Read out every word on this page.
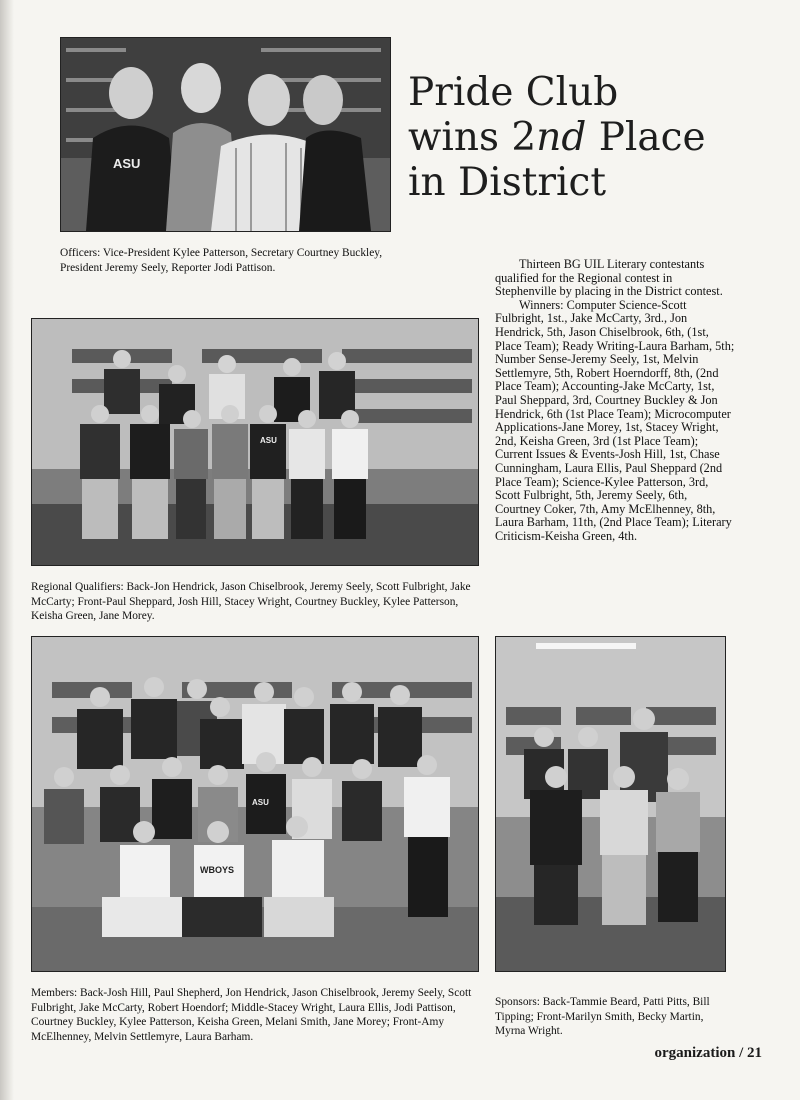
ASU

Officers: Vice-President Kylee Patterson, Secretary Courtney Buckley, President Jeremy Seely, Reporter Jodi Pattison.

Pride Club
wins 2nd Place
in District
ASU

Regional Qualifiers: Back-Jon Hendrick, Jason Chiselbrook, Jeremy Seely, Scott Fulbright, Jake McCarty; Front-Paul Sheppard, Josh Hill, Stacey Wright, Courtney Buckley, Kylee Patterson, Keisha Green, Jane Morey.

Thirteen BG UIL Literary contestants qualified for the Regional contest in Stephenville by placing in the District contest.

Winners: Computer Science-Scott Fulbright, 1st., Jake McCarty, 3rd., Jon Hendrick, 5th, Jason Chiselbrook, 6th, (1st, Place Team); Ready Writing-Laura Barham, 5th; Number Sense-Jeremy Seely, 1st, Melvin Settlemyre, 5th, Robert Hoerndorff, 8th, (2nd Place Team); Accounting-Jake McCarty, 1st, Paul Sheppard, 3rd, Courtney Buckley & Jon Hendrick, 6th (1st Place Team); Microcomputer Applications-Jane Morey, 1st, Stacey Wright, 2nd, Keisha Green, 3rd (1st Place Team); Current Issues & Events-Josh Hill, 1st, Chase Cunningham, Laura Ellis, Paul Sheppard (2nd Place Team); Science-Kylee Patterson, 3rd, Scott Fulbright, 5th, Jeremy Seely, 6th, Courtney Coker, 7th, Amy McElhenney, 8th, Laura Barham, 11th, (2nd Place Team); Literary Criticism-Keisha Green, 4th.

WBOYS
ASU

Members: Back-Josh Hill, Paul Shepherd, Jon Hendrick, Jason Chiselbrook, Jeremy Seely, Scott Fulbright, Jake McCarty, Robert Hoendorf; Middle-Stacey Wright, Laura Ellis, Jodi Pattison, Courtney Buckley, Kylee Patterson, Keisha Green, Melani Smith, Jane Morey; Front-Amy McElhenney, Melvin Settlemyre, Laura Barham.

Sponsors: Back-Tammie Beard, Patti Pitts, Bill Tipping; Front-Marilyn Smith, Becky Martin, Myrna Wright.

organization / 21
